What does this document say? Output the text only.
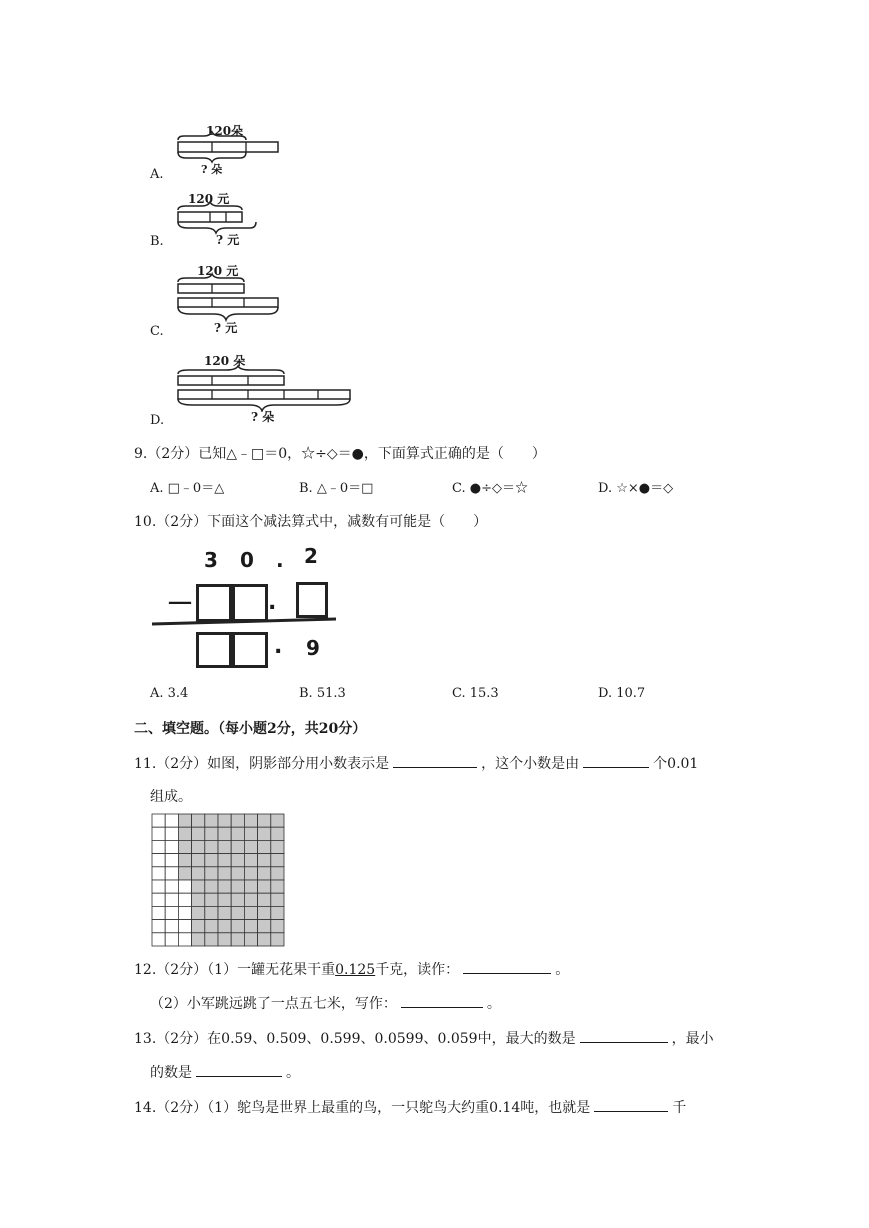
A.
120朵
? 朵
B.
120 元
? 元
C.
120 元
? 元
D.
120 朵
? 朵
9.（2分）已知△﹣□＝0，☆÷◇＝●，下面算式正确的是（　　）
A. □﹣0＝△	B. △﹣0＝□	C. ●÷◇＝☆	D. ☆×●＝◇
10.（2分）下面这个减法算式中，减数有可能是（　　）
3 0 . 2
－	.
. 9
A. 3.4	B. 51.3	C. 15.3	D. 10.7
二、填空题。（每小题2分，共20分）
11.（2分）如图，阴影部分用小数表示是	，这个小数是由	个0.01
组成。
12.（2分）（1）一罐无花果干重0.125千克，读作：	。
（2）小军跳远跳了一点五七米，写作：	。
13.（2分）在0.59、0.509、0.599、0.0599、0.059中，最大的数是	，最小
的数是	。
14.（2分）（1）鸵鸟是世界上最重的鸟，一只鸵鸟大约重0.14吨，也就是	千
